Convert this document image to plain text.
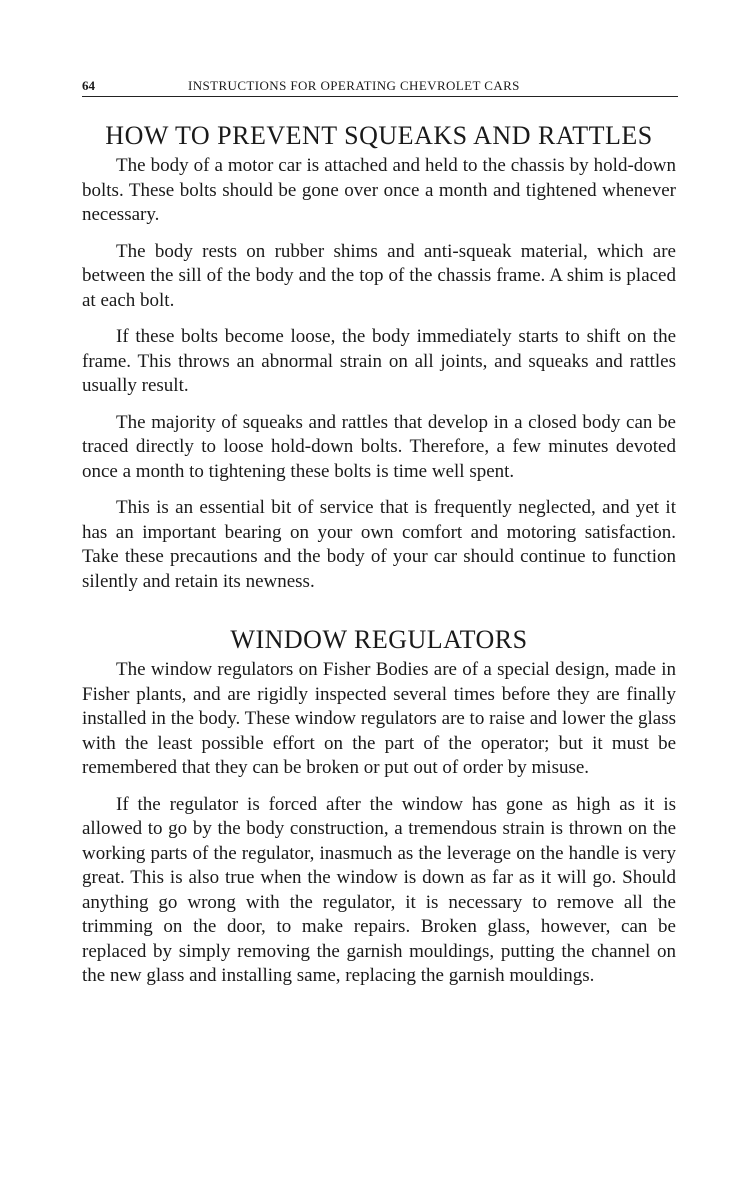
64	INSTRUCTIONS FOR OPERATING CHEVROLET CARS
HOW TO PREVENT SQUEAKS AND RATTLES

The body of a motor car is attached and held to the chassis by hold-down bolts. These bolts should be gone over once a month and tightened whenever necessary.

The body rests on rubber shims and anti-squeak material, which are between the sill of the body and the top of the chassis frame. A shim is placed at each bolt.

If these bolts become loose, the body immediately starts to shift on the frame. This throws an abnormal strain on all joints, and squeaks and rattles usually result.

The majority of squeaks and rattles that develop in a closed body can be traced directly to loose hold-down bolts. Therefore, a few minutes devoted once a month to tightening these bolts is time well spent.

This is an essential bit of service that is frequently neglected, and yet it has an important bearing on your own comfort and motoring satisfaction. Take these precautions and the body of your car should continue to function silently and retain its newness.

WINDOW REGULATORS

The window regulators on Fisher Bodies are of a special design, made in Fisher plants, and are rigidly inspected several times before they are finally installed in the body. These window regulators are to raise and lower the glass with the least possible effort on the part of the operator; but it must be remembered that they can be broken or put out of order by misuse.

If the regulator is forced after the window has gone as high as it is allowed to go by the body construction, a tremendous strain is thrown on the working parts of the regulator, inasmuch as the leverage on the handle is very great. This is also true when the window is down as far as it will go. Should anything go wrong with the regulator, it is necessary to remove all the trimming on the door, to make repairs. Broken glass, however, can be replaced by simply removing the garnish mouldings, putting the channel on the new glass and installing same, replacing the garnish mouldings.
